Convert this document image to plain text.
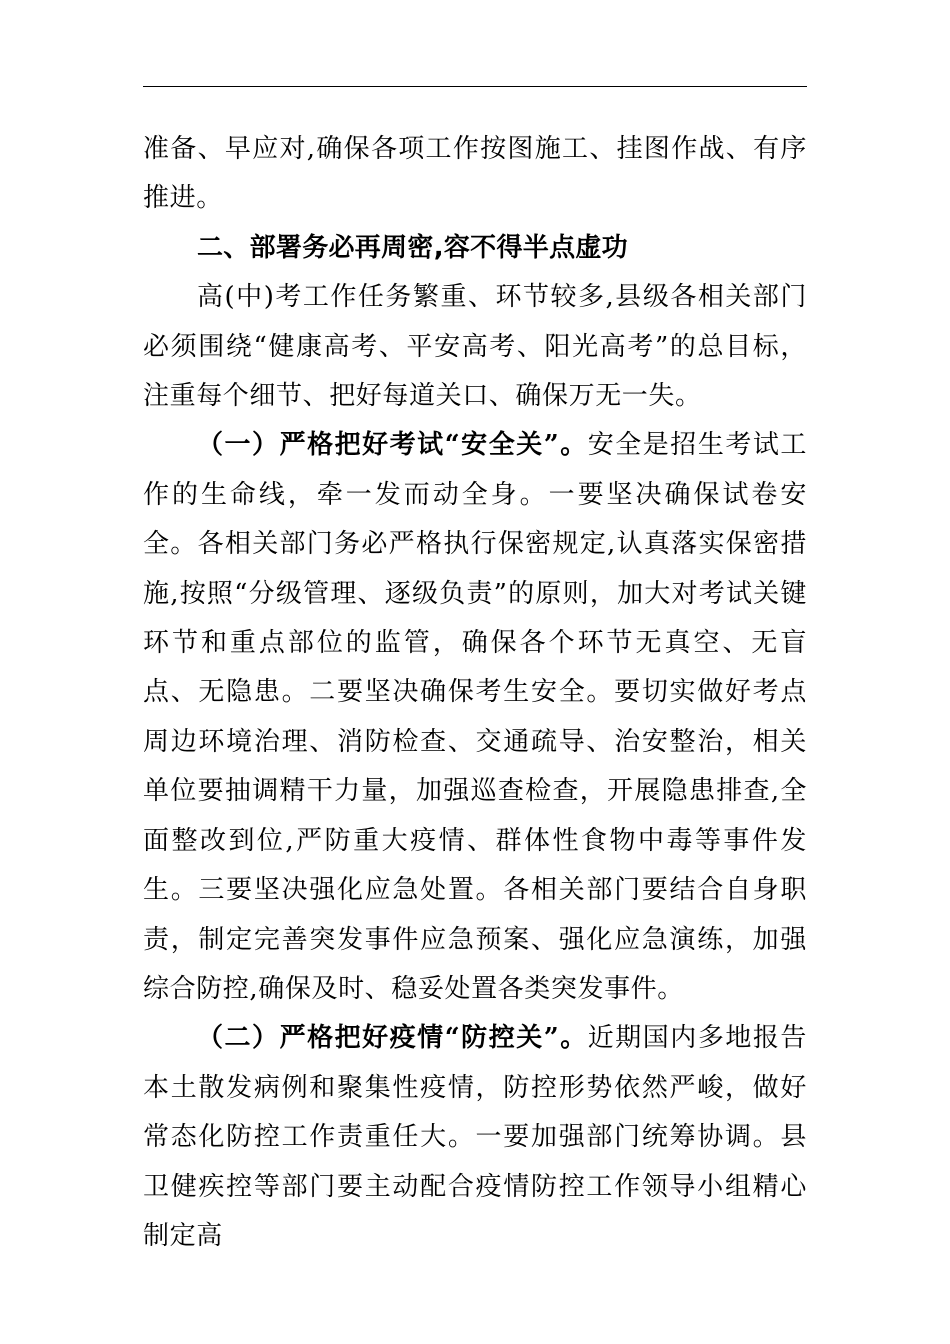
准备、早应对,确保各项工作按图施工、挂图作战、有序推进。

二、部署务必再周密,容不得半点虚功

高(中)考工作任务繁重、环节较多,县级各相关部门必须围绕“健康高考、平安高考、阳光高考”的总目标，注重每个细节、把好每道关口、确保万无一失。

（一）严格把好考试“安全关”。安全是招生考试工作的生命线，牵一发而动全身。一要坚决确保试卷安全。各相关部门务必严格执行保密规定,认真落实保密措施,按照“分级管理、逐级负责”的原则，加大对考试关键环节和重点部位的监管，确保各个环节无真空、无盲点、无隐患。二要坚决确保考生安全。要切实做好考点周边环境治理、消防检查、交通疏导、治安整治，相关单位要抽调精干力量，加强巡查检查，开展隐患排查,全面整改到位,严防重大疫情、群体性食物中毒等事件发生。三要坚决强化应急处置。各相关部门要结合自身职责，制定完善突发事件应急预案、强化应急演练，加强综合防控,确保及时、稳妥处置各类突发事件。

（二）严格把好疫情“防控关”。近期国内多地报告本土散发病例和聚集性疫情，防控形势依然严峻，做好常态化防控工作责重任大。一要加强部门统筹协调。县卫健疾控等部门要主动配合疫情防控工作领导小组精心制定高
